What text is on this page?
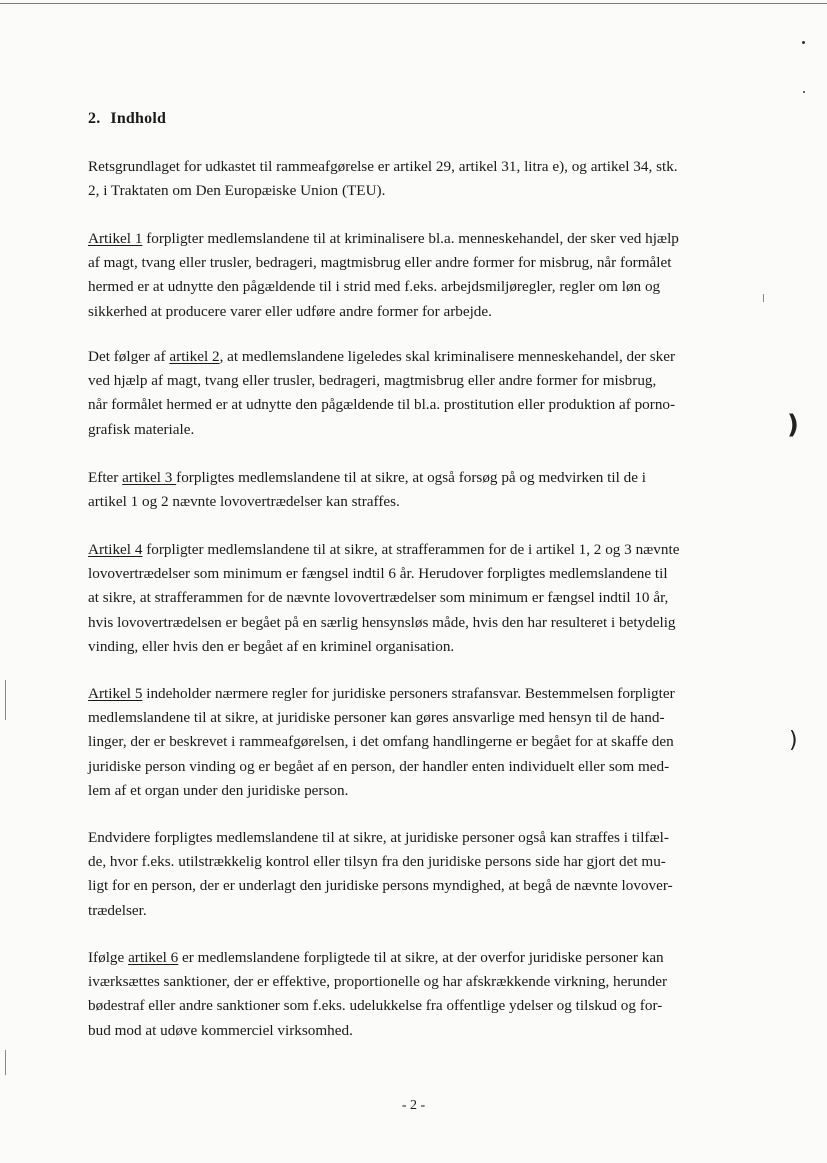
)
)
2. Indhold
Retsgrundlaget for udkastet til rammeafgørelse er artikel 29, artikel 31, litra e), og artikel 34, stk.
2, i Traktaten om Den Europæiske Union (TEU).
Artikel 1 forpligter medlemslandene til at kriminalisere bl.a. menneskehandel, der sker ved hjælp
af magt, tvang eller trusler, bedrageri, magtmisbrug eller andre former for misbrug, når formålet
hermed er at udnytte den pågældende til i strid med f.eks. arbejdsmiljøregler, regler om løn og
sikkerhed at producere varer eller udføre andre former for arbejde.
Det følger af artikel 2, at medlemslandene ligeledes skal kriminalisere menneskehandel, der sker
ved hjælp af magt, tvang eller trusler, bedrageri, magtmisbrug eller andre former for misbrug,
når formålet hermed er at udnytte den pågældende til bl.a. prostitution eller produktion af porno-
grafisk materiale.
Efter artikel 3 forpligtes medlemslandene til at sikre, at også forsøg på og medvirken til de i
artikel 1 og 2 nævnte lovovertrædelser kan straffes.
Artikel 4 forpligter medlemslandene til at sikre, at strafferammen for de i artikel 1, 2 og 3 nævnte
lovovertrædelser som minimum er fængsel indtil 6 år. Herudover forpligtes medlemslandene til
at sikre, at strafferammen for de nævnte lovovertrædelser som minimum er fængsel indtil 10 år,
hvis lovovertrædelsen er begået på en særlig hensynsløs måde, hvis den har resulteret i betydelig
vinding, eller hvis den er begået af en kriminel organisation.
Artikel 5 indeholder nærmere regler for juridiske personers strafansvar. Bestemmelsen forpligter
medlemslandene til at sikre, at juridiske personer kan gøres ansvarlige med hensyn til de hand-
linger, der er beskrevet i rammeafgørelsen, i det omfang handlingerne er begået for at skaffe den
juridiske person vinding og er begået af en person, der handler enten individuelt eller som med-
lem af et organ under den juridiske person.
Endvidere forpligtes medlemslandene til at sikre, at juridiske personer også kan straffes i tilfæl-
de, hvor f.eks. utilstrækkelig kontrol eller tilsyn fra den juridiske persons side har gjort det mu-
ligt for en person, der er underlagt den juridiske persons myndighed, at begå de nævnte lovover-
trædelser.
Ifølge artikel 6 er medlemslandene forpligtede til at sikre, at der overfor juridiske personer kan
iværksættes sanktioner, der er effektive, proportionelle og har afskrækkende virkning, herunder
bødestraf eller andre sanktioner som f.eks. udelukkelse fra offentlige ydelser og tilskud og for-
bud mod at udøve kommerciel virksomhed.
- 2 -
